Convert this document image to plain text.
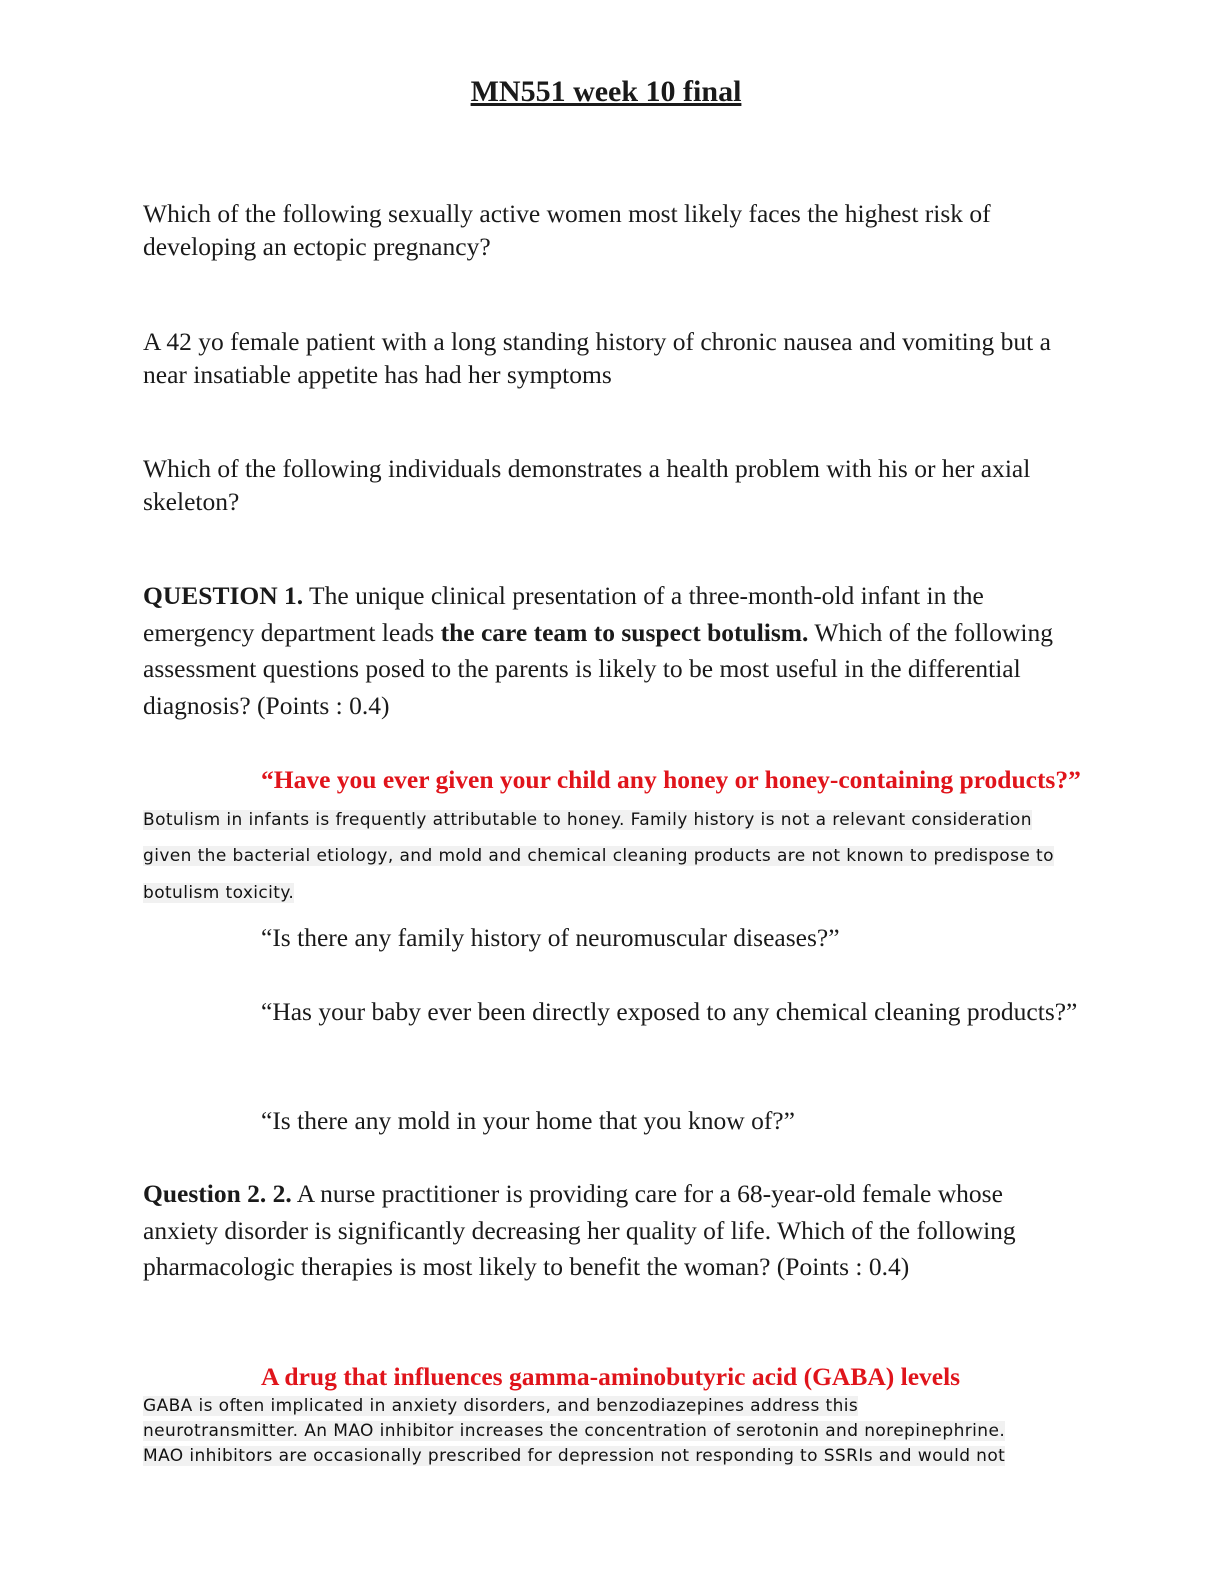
MN551 week 10 final
Which of the following sexually active women most likely faces the highest risk of developing an ectopic pregnancy?
A 42 yo female patient with a long standing history of chronic nausea and vomiting but a near insatiable appetite has had her symptoms
Which of the following individuals demonstrates a health problem with his or her axial skeleton?
QUESTION 1. The unique clinical presentation of a three-month-old infant in the emergency department leads the care team to suspect botulism. Which of the following assessment questions posed to the parents is likely to be most useful in the differential diagnosis? (Points : 0.4)
“Have you ever given your child any honey or honey-containing products?” Botulism in infants is frequently attributable to honey. Family history is not a relevant consideration given the bacterial etiology, and mold and chemical cleaning products are not known to predispose to botulism toxicity.
“Is there any family history of neuromuscular diseases?”
“Has your baby ever been directly exposed to any chemical cleaning products?”
“Is there any mold in your home that you know of?”
Question 2. 2. A nurse practitioner is providing care for a 68-year-old female whose anxiety disorder is significantly decreasing her quality of life. Which of the following pharmacologic therapies is most likely to benefit the woman? (Points : 0.4)
A drug that influences gamma-aminobutyric acid (GABA) levels
GABA is often implicated in anxiety disorders, and benzodiazepines address this
neurotransmitter. An MAO inhibitor increases the concentration of serotonin and norepinephrine.
MAO inhibitors are occasionally prescribed for depression not responding to SSRIs and would not
